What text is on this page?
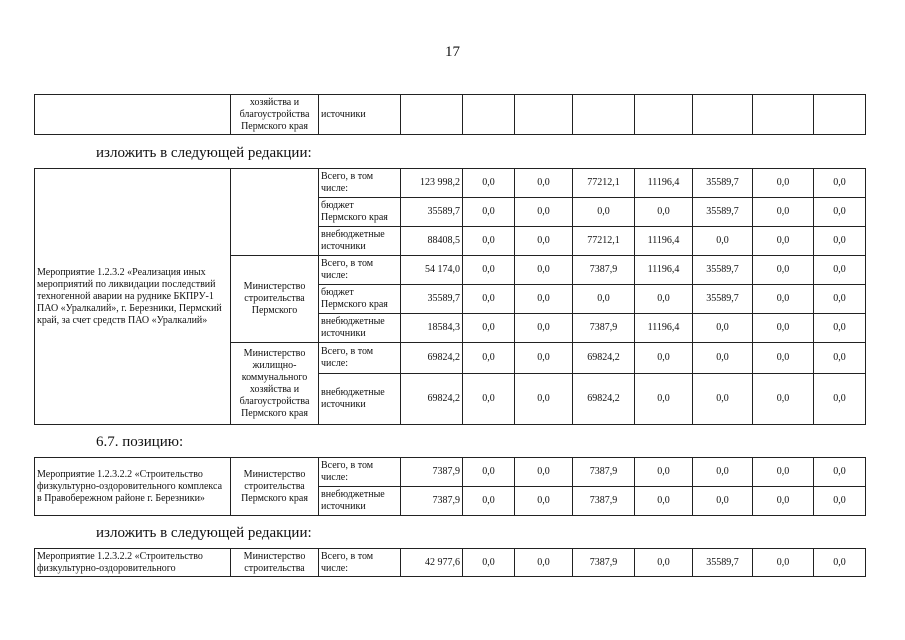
17
	хозяйства и благоустройства Пермского края	источники								
изложить в следующей редакции:
Мероприятие 1.2.3.2 «Реализация иных мероприятий по ликвидации последствий техногенной аварии на руднике БКПРУ-1 ПАО «Уралкалий», г. Березники, Пермский край, за счет средств ПАО «Уралкалий»		Всего, в том числе:	123 998,2	0,0	0,0	77212,1	11196,4	35589,7	0,0	0,0
		бюджет Пермского края	35589,7	0,0	0,0	0,0	0,0	35589,7	0,0	0,0
		внебюджетные источники	88408,5	0,0	0,0	77212,1	11196,4	0,0	0,0	0,0
	Министерство строительства Пермского	Всего, в том числе:	54 174,0	0,0	0,0	7387,9	11196,4	35589,7	0,0	0,0
		бюджет Пермского края	35589,7	0,0	0,0	0,0	0,0	35589,7	0,0	0,0
		внебюджетные источники	18584,3	0,0	0,0	7387,9	11196,4	0,0	0,0	0,0
	Министерство жилищно-коммунального хозяйства и благоустройства Пермского края	Всего, в том числе:	69824,2	0,0	0,0	69824,2	0,0	0,0	0,0	0,0
		внебюджетные источники	69824,2	0,0	0,0	69824,2	0,0	0,0	0,0	0,0
6.7. позицию:
Мероприятие 1.2.3.2.2 «Строительство физкультурно-оздоровительного комплекса в Правобережном районе г. Березники»	Министерство строительства Пермского края	Всего, в том числе:	7387,9	0,0	0,0	7387,9	0,0	0,0	0,0	0,0
		внебюджетные источники	7387,9	0,0	0,0	7387,9	0,0	0,0	0,0	0,0
изложить в следующей редакции:
Мероприятие 1.2.3.2.2 «Строительство физкультурно-оздоровительного	Министерство строительства	Всего, в том числе:	42 977,6	0,0	0,0	7387,9	0,0	35589,7	0,0	0,0
